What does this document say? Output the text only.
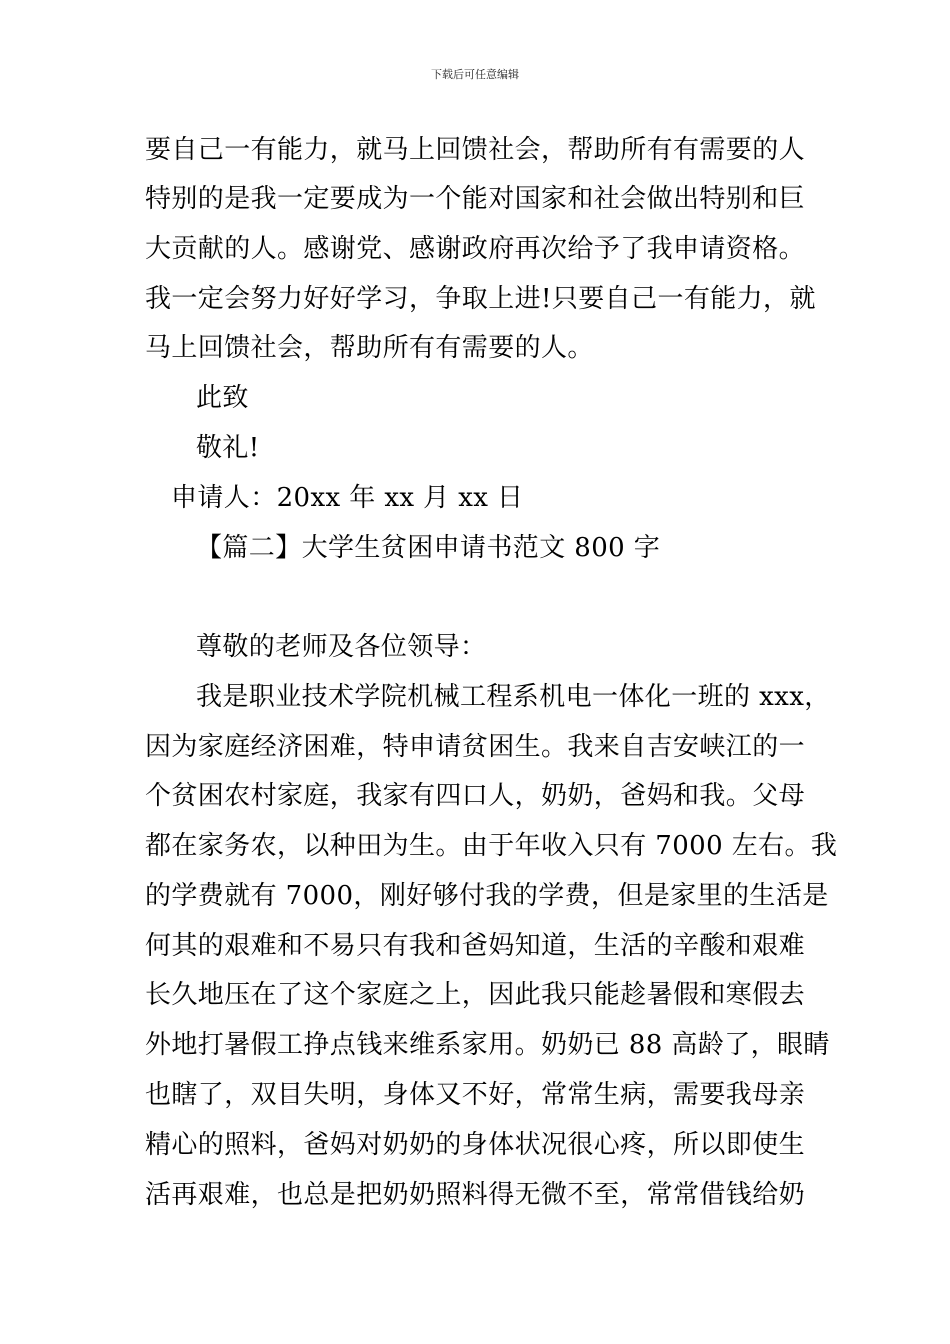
下载后可任意编辑
要自己一有能力，就马上回馈社会，帮助所有有需要的人
特别的是我一定要成为一个能对国家和社会做出特别和巨
大贡献的人。感谢党、感谢政府再次给予了我申请资格。
我一定会努力好好学习，争取上进!只要自己一有能力，就
马上回馈社会，帮助所有有需要的人。
此致
敬礼!
申请人：20xx 年 xx 月 xx 日
【篇二】大学生贫困申请书范文 800 字
尊敬的老师及各位领导：
我是职业技术学院机械工程系机电一体化一班的 xxx，
因为家庭经济困难，特申请贫困生。我来自吉安峡江的一
个贫困农村家庭，我家有四口人，奶奶，爸妈和我。父母
都在家务农，以种田为生。由于年收入只有 7000 左右。我
的学费就有 7000，刚好够付我的学费，但是家里的生活是
何其的艰难和不易只有我和爸妈知道，生活的辛酸和艰难
长久地压在了这个家庭之上，因此我只能趁暑假和寒假去
外地打暑假工挣点钱来维系家用。奶奶已 88 高龄了，眼睛
也瞎了，双目失明，身体又不好，常常生病，需要我母亲
精心的照料，爸妈对奶奶的身体状况很心疼，所以即使生
活再艰难，也总是把奶奶照料得无微不至，常常借钱给奶
